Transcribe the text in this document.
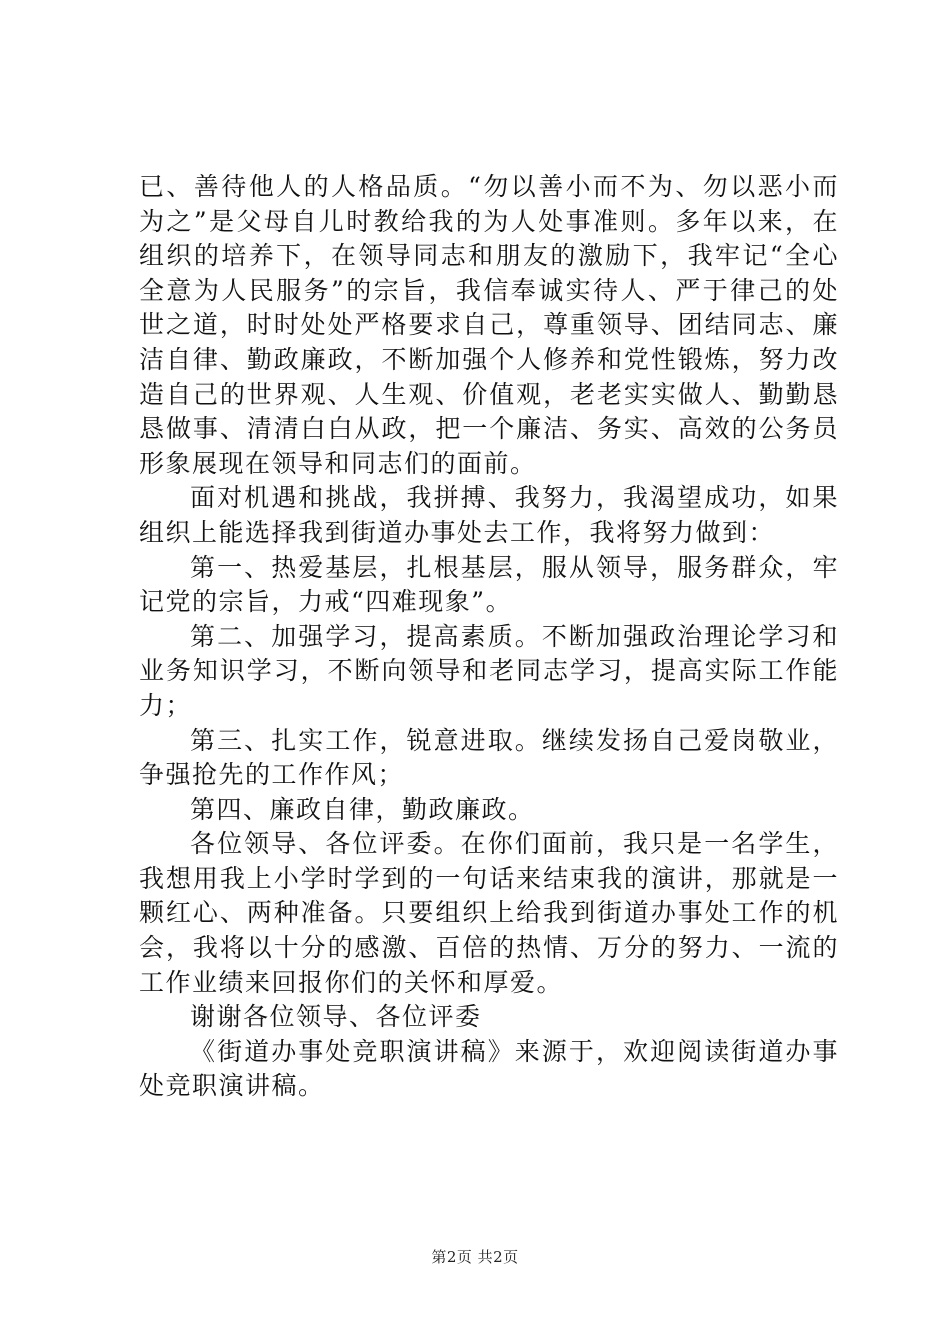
已、善待他人的人格品质。“勿以善小而不为、勿以恶小而为之”是父母自儿时教给我的为人处事准则。多年以来，在组织的培养下，在领导同志和朋友的激励下，我牢记“全心全意为人民服务”的宗旨，我信奉诚实待人、严于律己的处世之道，时时处处严格要求自己，尊重领导、团结同志、廉洁自律、勤政廉政，不断加强个人修养和党性锻炼，努力改造自己的世界观、人生观、价值观，老老实实做人、勤勤恳恳做事、清清白白从政，把一个廉洁、务实、高效的公务员形象展现在领导和同志们的面前。

面对机遇和挑战，我拼搏、我努力，我渴望成功，如果组织上能选择我到街道办事处去工作，我将努力做到：

第一、热爱基层，扎根基层，服从领导，服务群众，牢记党的宗旨，力戒“四难现象”。

第二、加强学习，提高素质。不断加强政治理论学习和业务知识学习，不断向领导和老同志学习，提高实际工作能力；

第三、扎实工作，锐意进取。继续发扬自己爱岗敬业，争强抢先的工作作风；

第四、廉政自律，勤政廉政。

各位领导、各位评委。在你们面前，我只是一名学生，我想用我上小学时学到的一句话来结束我的演讲，那就是一颗红心、两种准备。只要组织上给我到街道办事处工作的机会，我将以十分的感激、百倍的热情、万分的努力、一流的工作业绩来回报你们的关怀和厚爱。

谢谢各位领导、各位评委

《街道办事处竞职演讲稿》来源于，欢迎阅读街道办事处竞职演讲稿。

第2页 共2页
